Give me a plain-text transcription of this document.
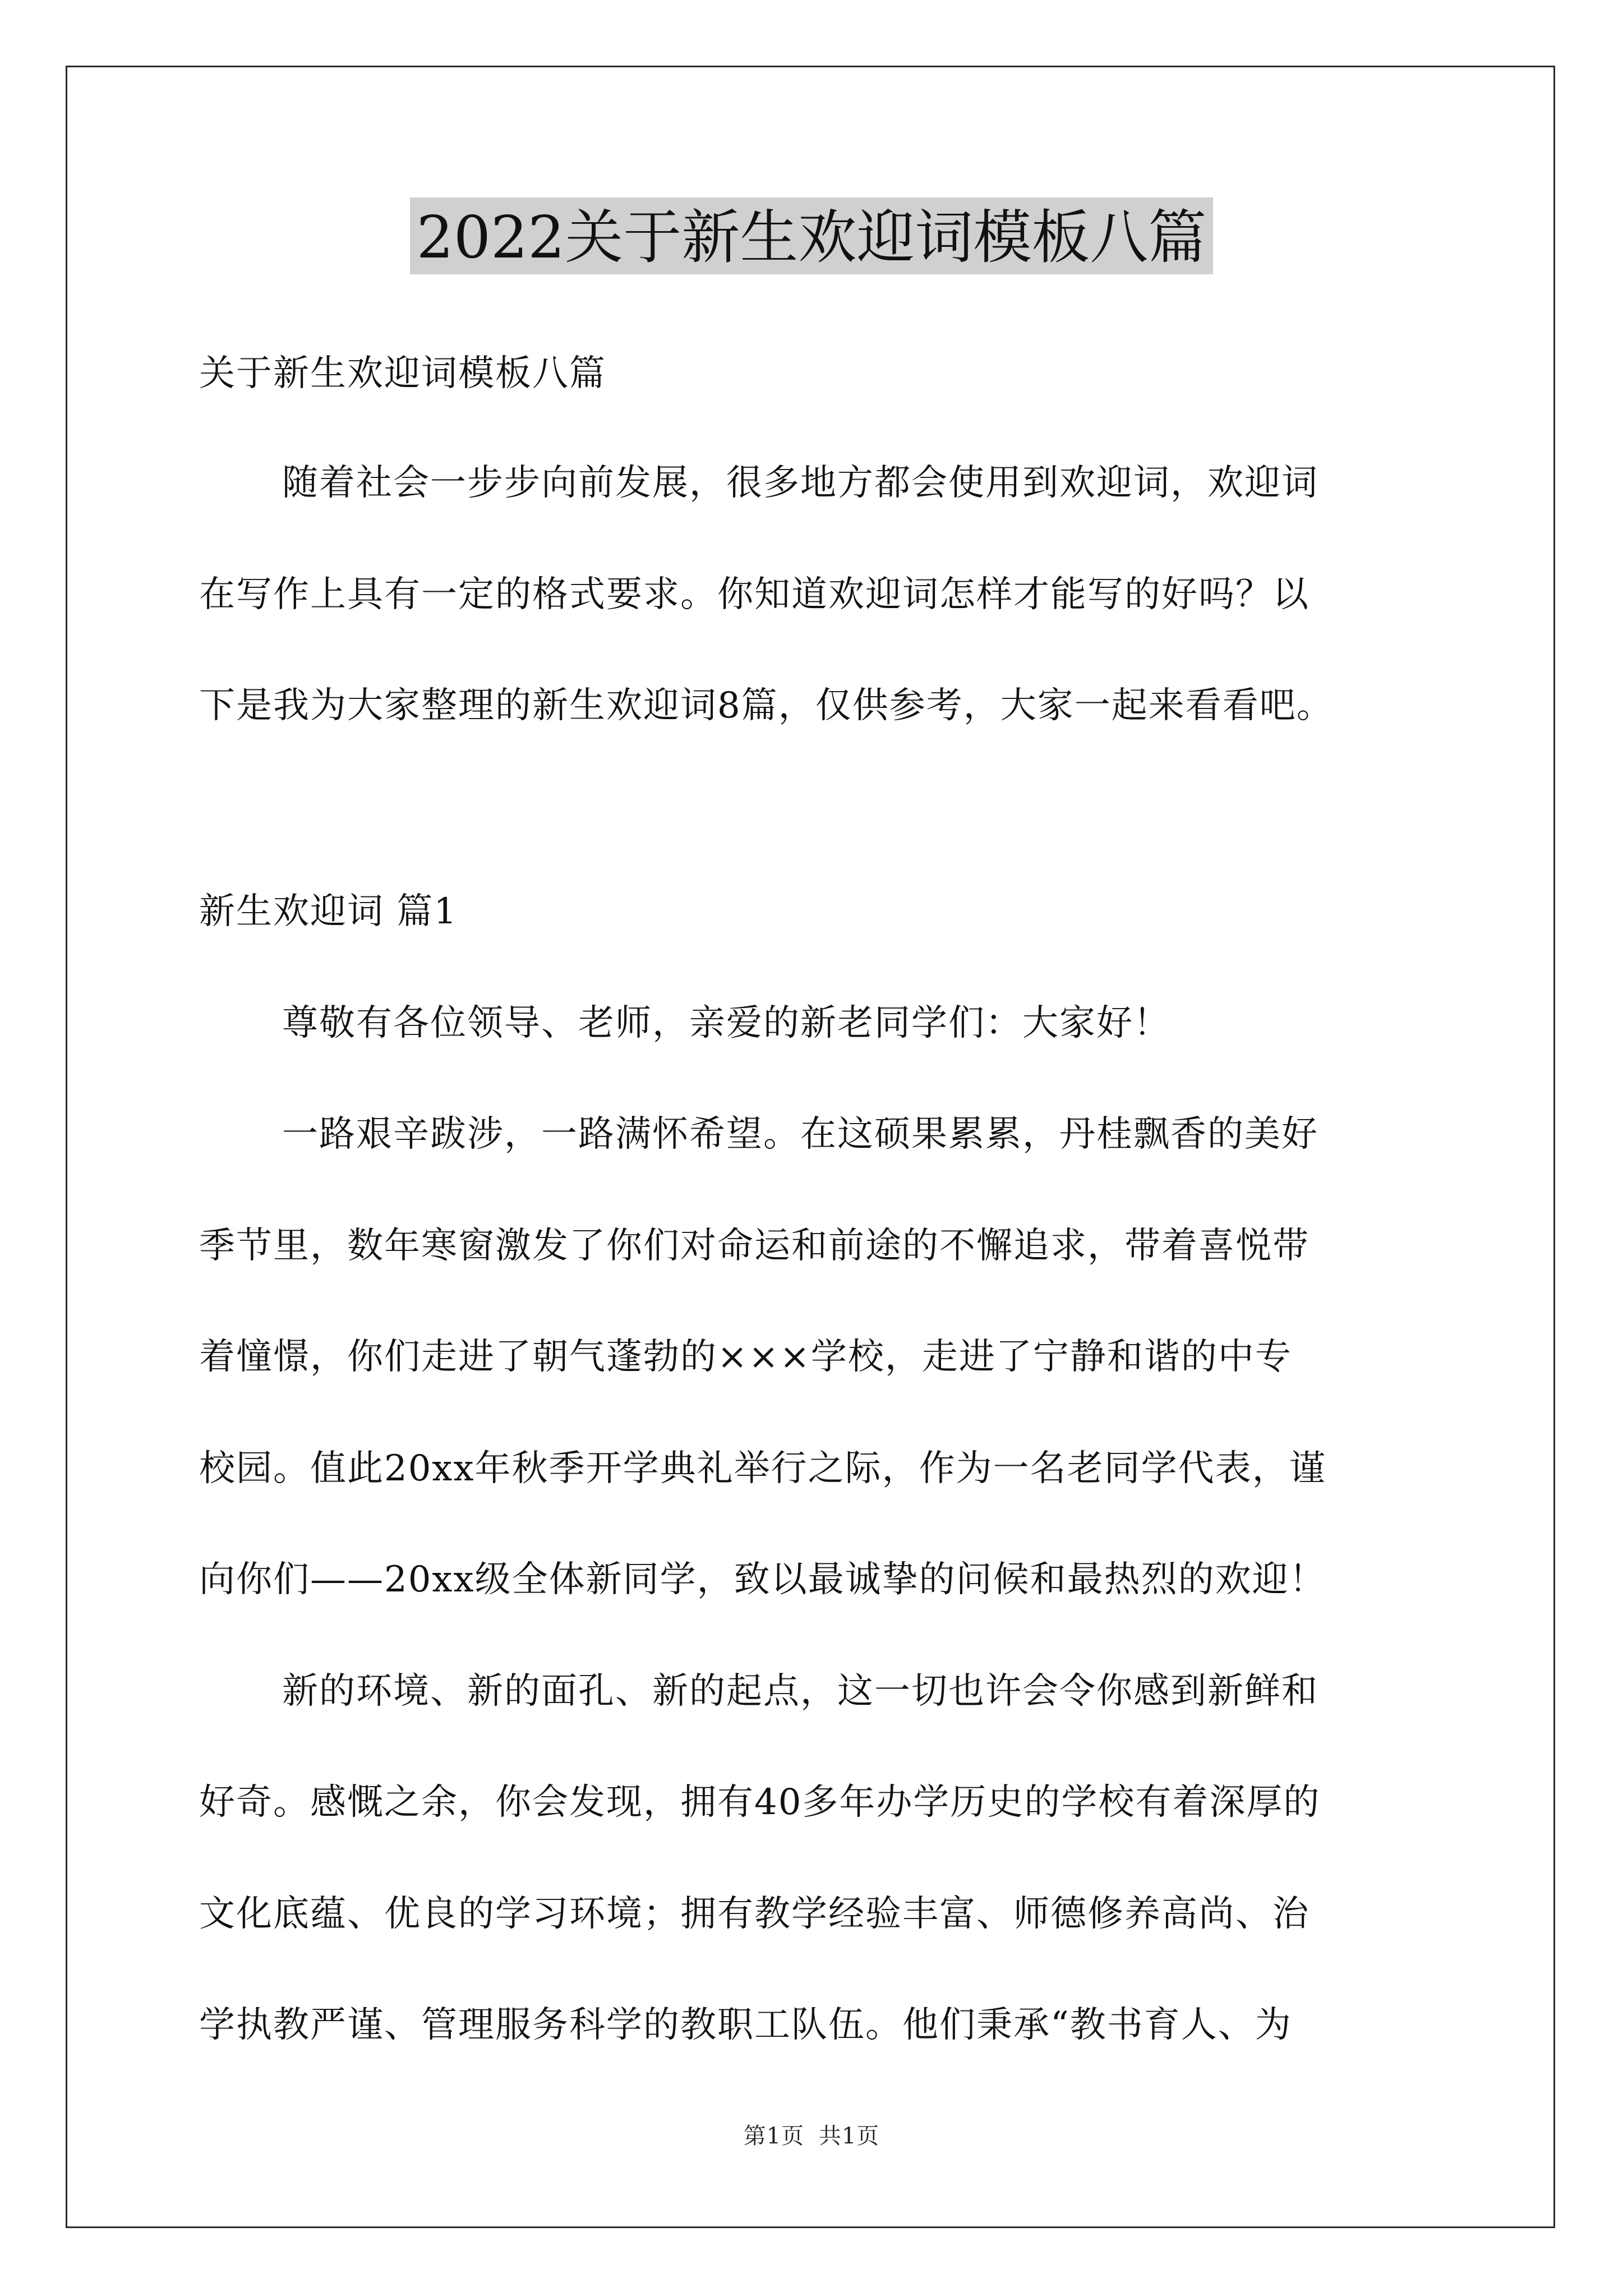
2022关于新生欢迎词模板八篇
关于新生欢迎词模板八篇
随着社会一步步向前发展，很多地方都会使用到欢迎词，欢迎词
在写作上具有一定的格式要求。你知道欢迎词怎样才能写的好吗？以
下是我为大家整理的新生欢迎词8篇，仅供参考，大家一起来看看吧。
新生欢迎词 篇1
尊敬有各位领导、老师，亲爱的新老同学们：大家好！
一路艰辛跋涉，一路满怀希望。在这硕果累累，丹桂飘香的美好
季节里，数年寒窗激发了你们对命运和前途的不懈追求，带着喜悦带
着憧憬，你们走进了朝气蓬勃的×××学校，走进了宁静和谐的中专
校园。值此20xx年秋季开学典礼举行之际，作为一名老同学代表，谨
向你们——20xx级全体新同学，致以最诚挚的问候和最热烈的欢迎！
新的环境、新的面孔、新的起点，这一切也许会令你感到新鲜和
好奇。感慨之余，你会发现，拥有40多年办学历史的学校有着深厚的
文化底蕴、优良的学习环境；拥有教学经验丰富、师德修养高尚、治
学执教严谨、管理服务科学的教职工队伍。他们秉承“教书育人、为
第1页 共1页
